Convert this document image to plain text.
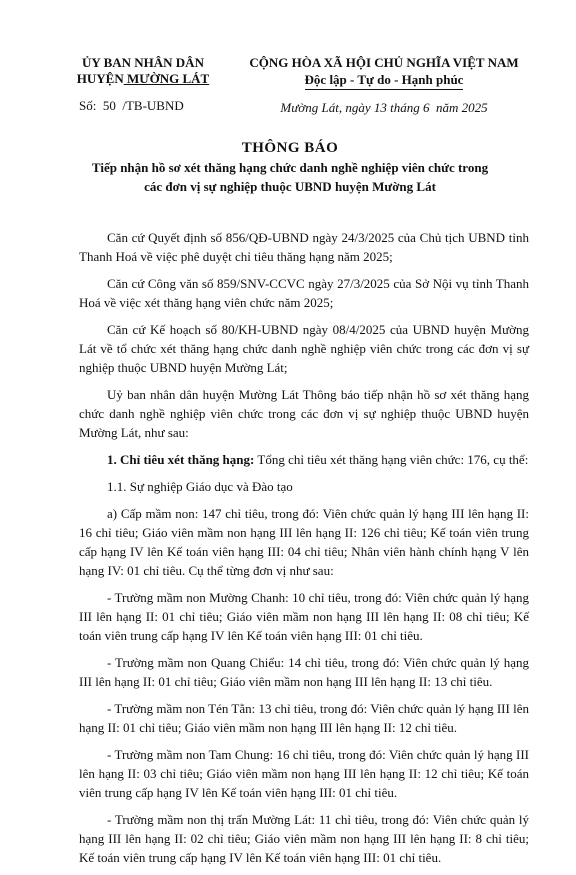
ỦY BAN NHÂN DÂN
HUYỆN MƯỜNG LÁT
Số: 50 /TB-UBND
CỘNG HÒA XÃ HỘI CHỦ NGHĨA VIỆT NAM
Độc lập - Tự do - Hạnh phúc
Mường Lát, ngày 13 tháng 6 năm 2025
THÔNG BÁO
Tiếp nhận hồ sơ xét thăng hạng chức danh nghề nghiệp viên chức trong
các đơn vị sự nghiệp thuộc UBND huyện Mường Lát

Căn cứ Quyết định số 856/QĐ-UBND ngày 24/3/2025 của Chủ tịch UBND tỉnh Thanh Hoá về việc phê duyệt chỉ tiêu thăng hạng năm 2025;

Căn cứ Công văn số 859/SNV-CCVC ngày 27/3/2025 của Sở Nội vụ tỉnh Thanh Hoá về việc xét thăng hạng viên chức năm 2025;

Căn cứ Kế hoạch số 80/KH-UBND ngày 08/4/2025 của UBND huyện Mường Lát về tổ chức xét thăng hạng chức danh nghề nghiệp viên chức trong các đơn vị sự nghiệp thuộc UBND huyện Mường Lát;

Uỷ ban nhân dân huyện Mường Lát Thông báo tiếp nhận hồ sơ xét thăng hạng chức danh nghề nghiệp viên chức trong các đơn vị sự nghiệp thuộc UBND huyện Mường Lát, như sau:

1. Chỉ tiêu xét thăng hạng: Tổng chỉ tiêu xét thăng hạng viên chức: 176, cụ thể:

1.1. Sự nghiệp Giáo dục và Đào tạo

a) Cấp mầm non: 147 chỉ tiêu, trong đó: Viên chức quản lý hạng III lên hạng II: 16 chỉ tiêu; Giáo viên mầm non hạng III lên hạng II: 126 chỉ tiêu; Kế toán viên trung cấp hạng IV lên Kế toán viên hạng III: 04 chỉ tiêu; Nhân viên hành chính hạng V lên hạng IV: 01 chỉ tiêu. Cụ thể từng đơn vị như sau:

- Trường mầm non Mường Chanh: 10 chỉ tiêu, trong đó: Viên chức quản lý hạng III lên hạng II: 01 chỉ tiêu; Giáo viên mầm non hạng III lên hạng II: 08 chỉ tiêu; Kế toán viên trung cấp hạng IV lên Kế toán viên hạng III: 01 chỉ tiêu.

- Trường mầm non Quang Chiểu: 14 chỉ tiêu, trong đó: Viên chức quản lý hạng III lên hạng II: 01 chỉ tiêu; Giáo viên mầm non hạng III lên hạng II: 13 chỉ tiêu.

- Trường mầm non Tén Tằn: 13 chỉ tiêu, trong đó: Viên chức quản lý hạng III lên hạng II: 01 chỉ tiêu; Giáo viên mầm non hạng III lên hạng II: 12 chỉ tiêu.

- Trường mầm non Tam Chung: 16 chỉ tiêu, trong đó: Viên chức quản lý hạng III lên hạng II: 03 chỉ tiêu; Giáo viên mầm non hạng III lên hạng II: 12 chỉ tiêu; Kế toán viên trung cấp hạng IV lên Kế toán viên hạng III: 01 chỉ tiêu.

- Trường mầm non thị trấn Mường Lát: 11 chỉ tiêu, trong đó: Viên chức quản lý hạng III lên hạng II: 02 chỉ tiêu; Giáo viên mầm non hạng III lên hạng II: 8 chỉ tiêu; Kế toán viên trung cấp hạng IV lên Kế toán viên hạng III: 01 chỉ tiêu.
